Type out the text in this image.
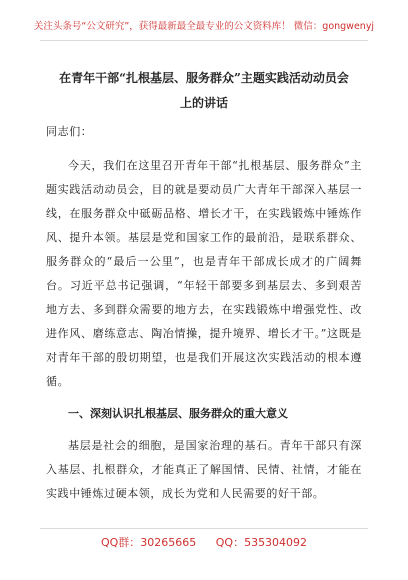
关注头条号“公文研究”，获得最新最全最专业的公文资料库！ 微信：gongwenyj
在青年干部“扎根基层、服务群众”主题实践活动动员会
上的讲话

同志们：

今天，我们在这里召开青年干部“扎根基层、服务群众”主题实践活动动员会，目的就是要动员广大青年干部深入基层一线，在服务群众中砥砺品格、增长才干，在实践锻炼中锤炼作风、提升本领。基层是党和国家工作的最前沿，是联系群众、服务群众的“最后一公里”，也是青年干部成长成才的广阔舞台。习近平总书记强调，“年轻干部要多到基层去、多到艰苦地方去、多到群众需要的地方去，在实践锻炼中增强党性、改进作风、磨练意志、陶冶情操，提升境界、增长才干。”这既是对青年干部的殷切期望，也是我们开展这次实践活动的根本遵循。

一、深刻认识扎根基层、服务群众的重大意义

基层是社会的细胞，是国家治理的基石。青年干部只有深入基层、扎根群众，才能真正了解国情、民情、社情，才能在实践中锤炼过硬本领，成长为党和人民需要的好干部。

QQ群：30265665 QQ：535304092
